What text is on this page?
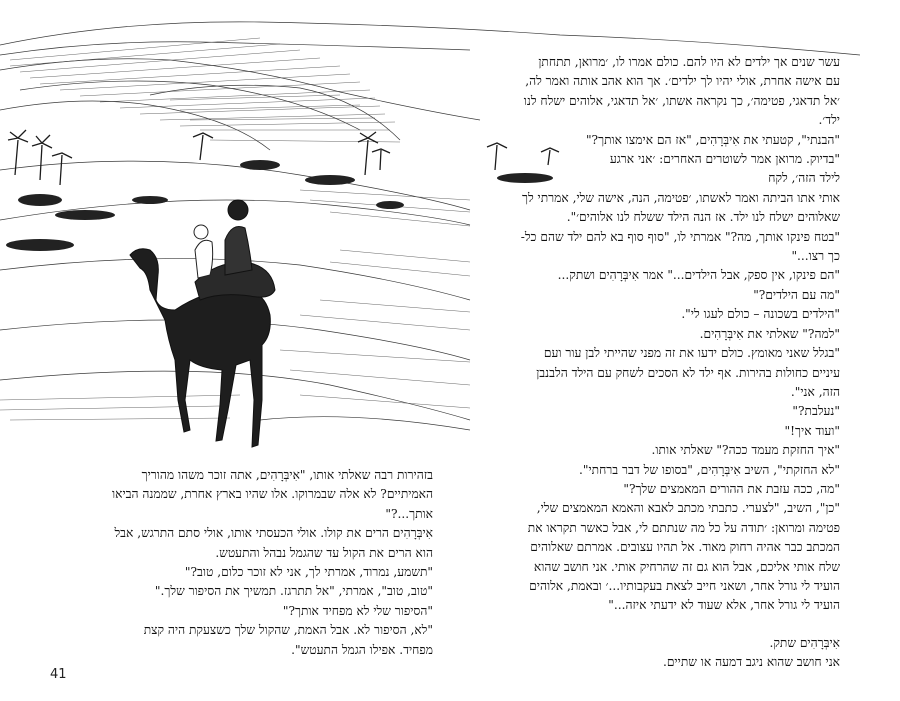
עשר שנים אך ילדים לא היו להם. כולם אמרו לו, ׳מרואן, תתחתן

עם אישה אחרת, אולי יהיו לך ילדים׳. אך הוא אהב אותה ואמר לה,

׳אל תדאגי, פטימה׳, כך נקראה אשתו, ׳אל תדאגי, אלוהים ישלח לנו

ילד׳.

"הבנתי", קטעתי את אִיבְּרָהִים, "אז הם אימצו אותך?"

"בדיוק. מרואן אמר לשוטרים האחרים: ׳אני ארגע

לילד הזה׳, לקח

אותי אתו הביתה ואמר לאשתו, ׳פטימה, הנה, אישה שלי, אמרתי לך

שאלוהים ישלח לנו ילד. אז הנה הילד ששלח לנו אלוהים׳".

"בטח פינקו אותך, מה?" אמרתי לו, "סוף סוף בא להם ילד שהם כל-

כך רצו..."

"הם פינקו, אין ספק, אבל הילדים..." אמר אִיבְּרָהִים ושתק...

"מה עם הילדים?"

"הילדים בשכונה – כולם לעגו לי".

"למה?" שאלתי את אִיבְּרָהִים.

"בגלל שאני מאומץ. כולם ידעו את זה מפני שהייתי לבן עור ועם

עיניים כחולות בהירות. אף ילד לא הסכים לשחק עם הילד הלבנבן

הזה, אני".

"נעלבת?"

"ועוד איך!"

"איך החזקת מעמד ככה?" שאלתי אותו.

"לא החזקתי", השיב אִיבְּרָהִים, "בסופו של דבר ברחתי".

"מה, ככה עזבת את ההורים המאמצים שלך?"

"כן", השיב, "לצערי. כתבתי מכתב לאבא והאמא המאמצים שלי,

פטימה ומרואן: ׳תודה על כל מה שנתתם לי, אבל כאשר תקראו את

המכתב כבר אהיה רחוק מאוד. אל תהיו עצובים. אמרתם שאלוהים

שלח אותי אליכם, אבל הוא גם זה שהרחיק אותי. אני חושב שהוא

הועיד לי גורל אחר, ושאני חייב לצאת בעקבותיו...׳ ובאמת, אלוהים

הועיד לי גורל אחר, אלא שעוד לא ידעתי איזה..."

אִיבְּרָהִים שתק.

אני חושב שהוא ניגב דמעה או שתיים.

בזהירות רבה שאלתי אותו, "אִיבְּרָהִים, אתה זוכר משהו מהוריך

האמיתיים? לא אלה שבמרוקו. אלו שהיו בארץ אחרת, שממנה הביאו

אותך...?"

אִיבְּרָהִים הרים את קולו. אולי הכעסתי אותו, אולי סתם התרגש, אבל

הוא הרים את הקול עד שהגמל נבהל והתעטש.

"תשמע, נמרוד, אמרתי לך, אני לא זוכר כלום, טוב?"

"טוב, טוב", אמרתי, "אל תתרגז. תמשיך את הסיפור שלך."

"הסיפור שלי לא מפחיד אותך?"

"לא, הסיפור לא. אבל האמת, שהקול שלך כשצעקת היה קצת

מפחיד. אפילו הגמל התעטש".

41
